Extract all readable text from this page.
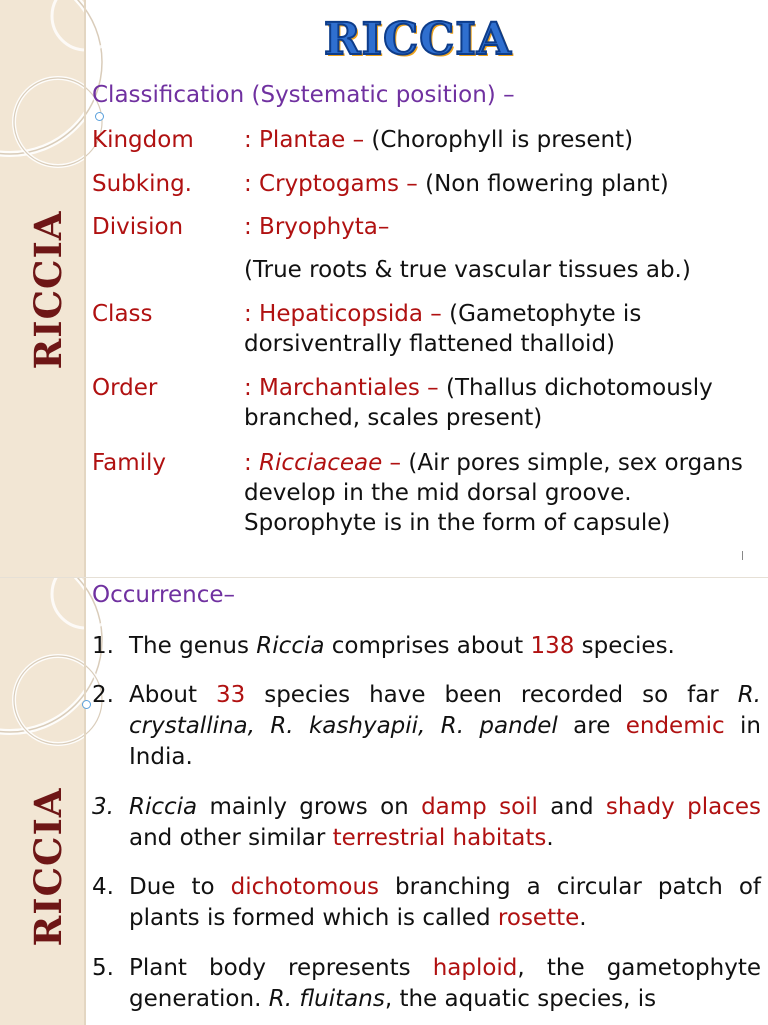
RICCIA
RICCIA
Classification (Systematic position) –
Kingdom : Plantae – (Chorophyll is present)
Subking. : Cryptogams – (Non flowering plant)
Division	: Bryophyta–
(True roots & true vascular tissues ab.)
Class	: Hepaticopsida – (Gametophyte is dorsiventrally flattened thalloid)
Order	: Marchantiales – (Thallus dichotomously branched, scales present)
Family	: Ricciaceae – (Air pores simple, sex organs develop in the mid dorsal groove. Sporophyte is in the form of capsule)
RICCIA
Occurrence–
1. The genus Riccia comprises about 138 species.
2. About 33 species have been recorded so far R. crystallina, R. kashyapii, R. pandel are endemic in India.
3. Riccia mainly grows on damp soil and shady places and other similar terrestrial habitats.
4. Due to dichotomous branching a circular patch of plants is formed which is called rosette.
5. Plant body represents haploid, the gametophyte generation. R. fluitans, the aquatic species, is
